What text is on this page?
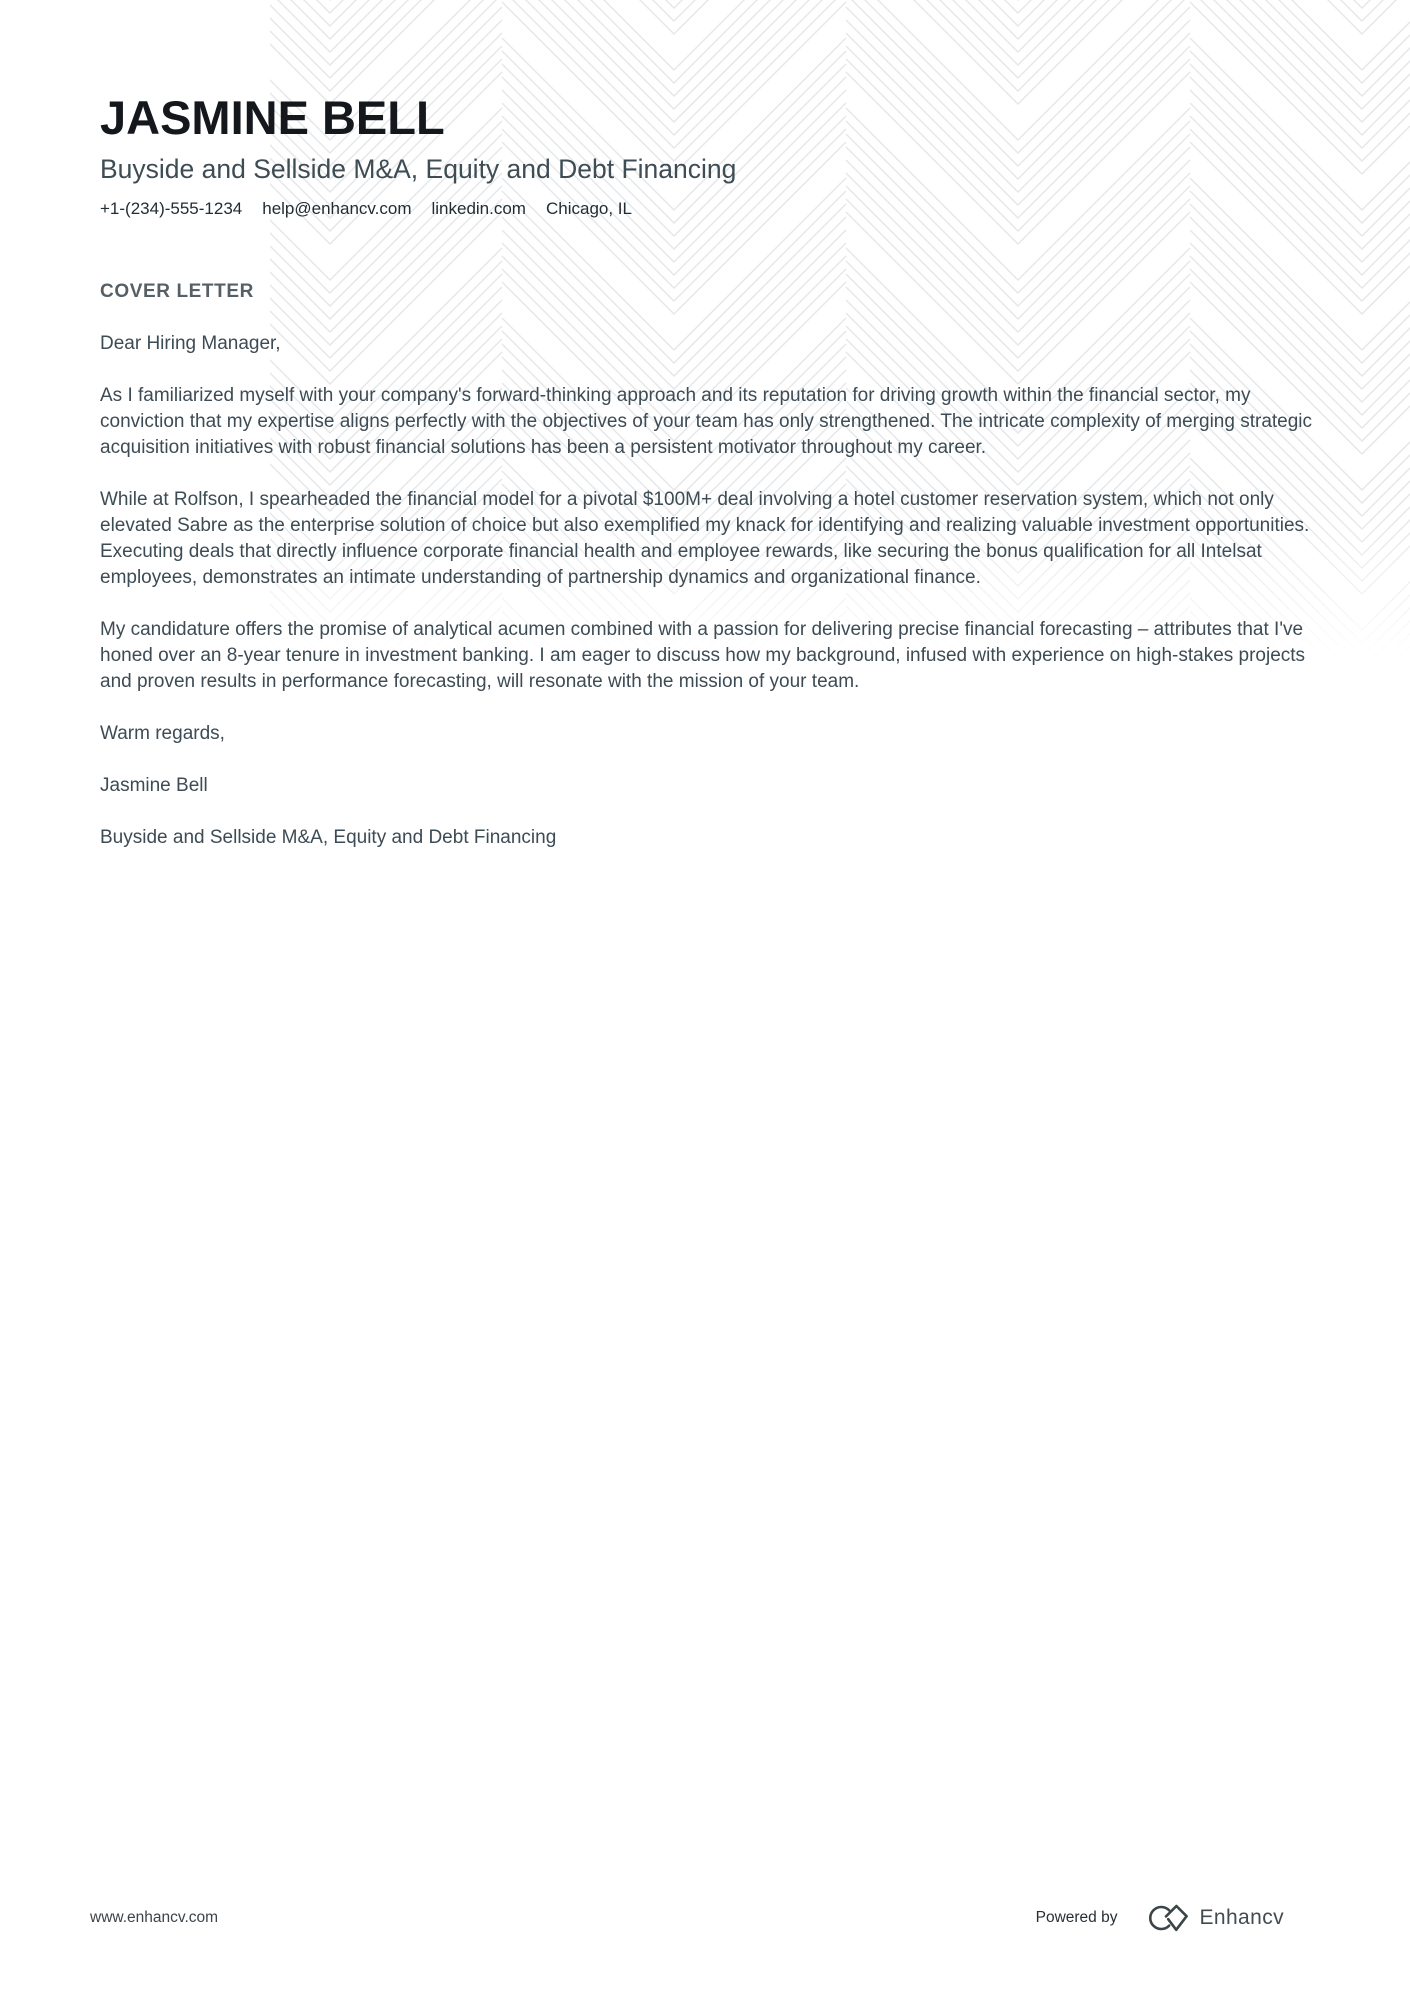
JASMINE BELL
Buyside and Sellside M&A, Equity and Debt Financing
+1-(234)-555-1234 help@enhancv.com linkedin.com Chicago, IL
COVER LETTER

Dear Hiring Manager,

As I familiarized myself with your company's forward-thinking approach and its reputation for driving growth within the financial sector, my conviction that my expertise aligns perfectly with the objectives of your team has only strengthened. The intricate complexity of merging strategic acquisition initiatives with robust financial solutions has been a persistent motivator throughout my career.

While at Rolfson, I spearheaded the financial model for a pivotal $100M+ deal involving a hotel customer reservation system, which not only elevated Sabre as the enterprise solution of choice but also exemplified my knack for identifying and realizing valuable investment opportunities. Executing deals that directly influence corporate financial health and employee rewards, like securing the bonus qualification for all Intelsat employees, demonstrates an intimate understanding of partnership dynamics and organizational finance.

My candidature offers the promise of analytical acumen combined with a passion for delivering precise financial forecasting – attributes that I've honed over an 8-year tenure in investment banking. I am eager to discuss how my background, infused with experience on high-stakes projects and proven results in performance forecasting, will resonate with the mission of your team.

Warm regards,

Jasmine Bell

Buyside and Sellside M&A, Equity and Debt Financing

www.enhancv.com	Powered by	Enhancv
